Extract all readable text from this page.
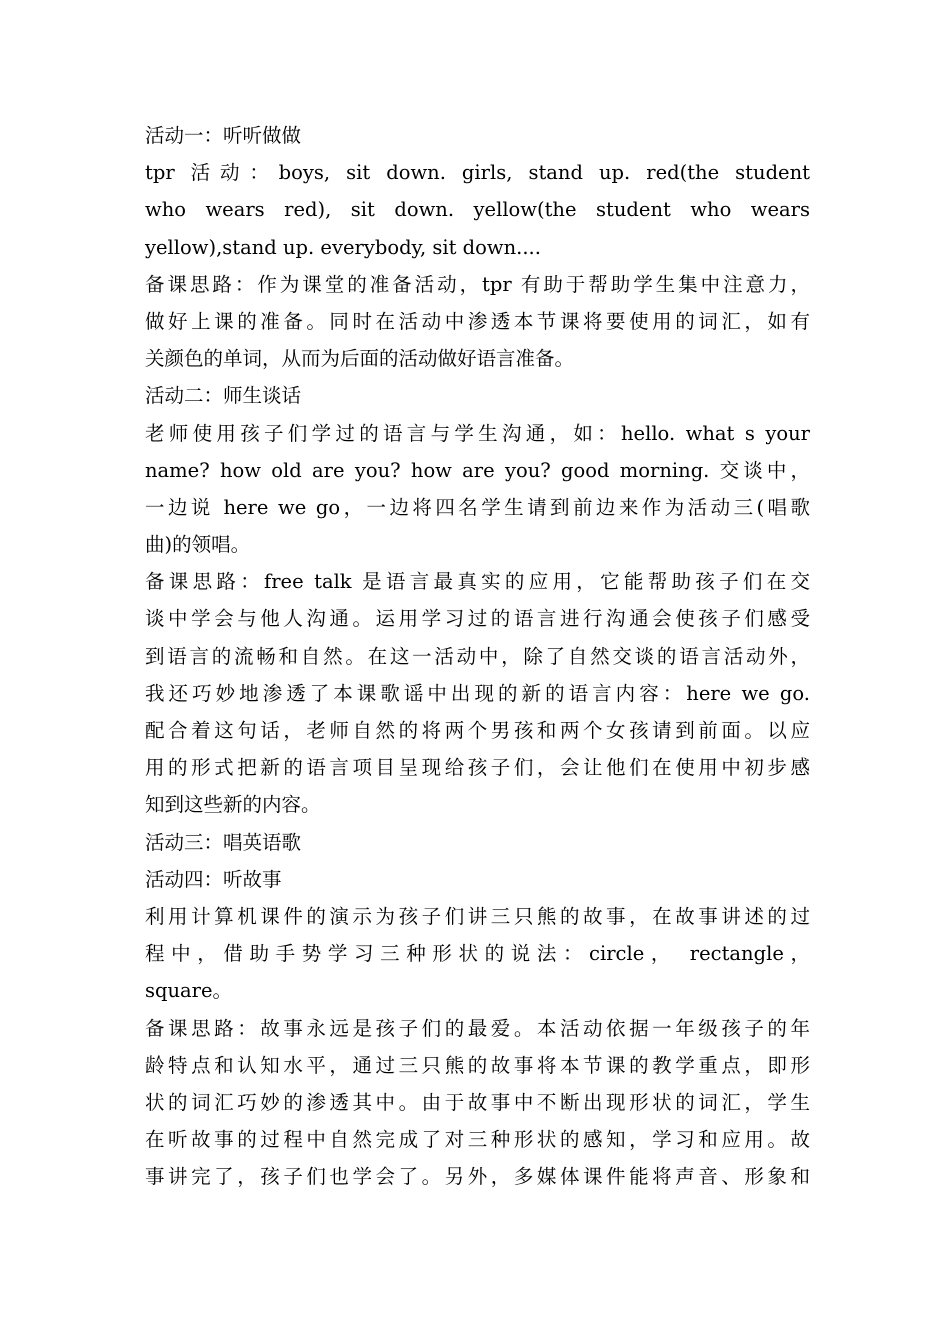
活动一：听听做做
tpr 活动：boys, sit down. girls, stand up. red(the student
who wears red), sit down. yellow(the student who wears
yellow),stand up. everybody, sit down....
备课思路：作为课堂的准备活动，tpr 有助于帮助学生集中注意力，
做好上课的准备。同时在活动中渗透本节课将要使用的词汇，如有
关颜色的单词，从而为后面的活动做好语言准备。
活动二：师生谈话
老师使用孩子们学过的语言与学生沟通，如：hello. what s your
name? how old are you? how are you? good morning. 交谈中，
一边说 here we go，一边将四名学生请到前边来作为活动三(唱歌
曲)的领唱。
备课思路：free talk 是语言最真实的应用，它能帮助孩子们在交
谈中学会与他人沟通。运用学习过的语言进行沟通会使孩子们感受
到语言的流畅和自然。在这一活动中，除了自然交谈的语言活动外，
我还巧妙地渗透了本课歌谣中出现的新的语言内容：here we go.
配合着这句话，老师自然的将两个男孩和两个女孩请到前面。以应
用的形式把新的语言项目呈现给孩子们，会让他们在使用中初步感
知到这些新的内容。
活动三：唱英语歌
活动四：听故事
利用计算机课件的演示为孩子们讲三只熊的故事，在故事讲述的过
程中，借助手势学习三种形状的说法：circle， rectangle，
square。
备课思路：故事永远是孩子们的最爱。本活动依据一年级孩子的年
龄特点和认知水平，通过三只熊的故事将本节课的教学重点，即形
状的词汇巧妙的渗透其中。由于故事中不断出现形状的词汇，学生
在听故事的过程中自然完成了对三种形状的感知，学习和应用。故
事讲完了，孩子们也学会了。另外，多媒体课件能将声音、形象和
